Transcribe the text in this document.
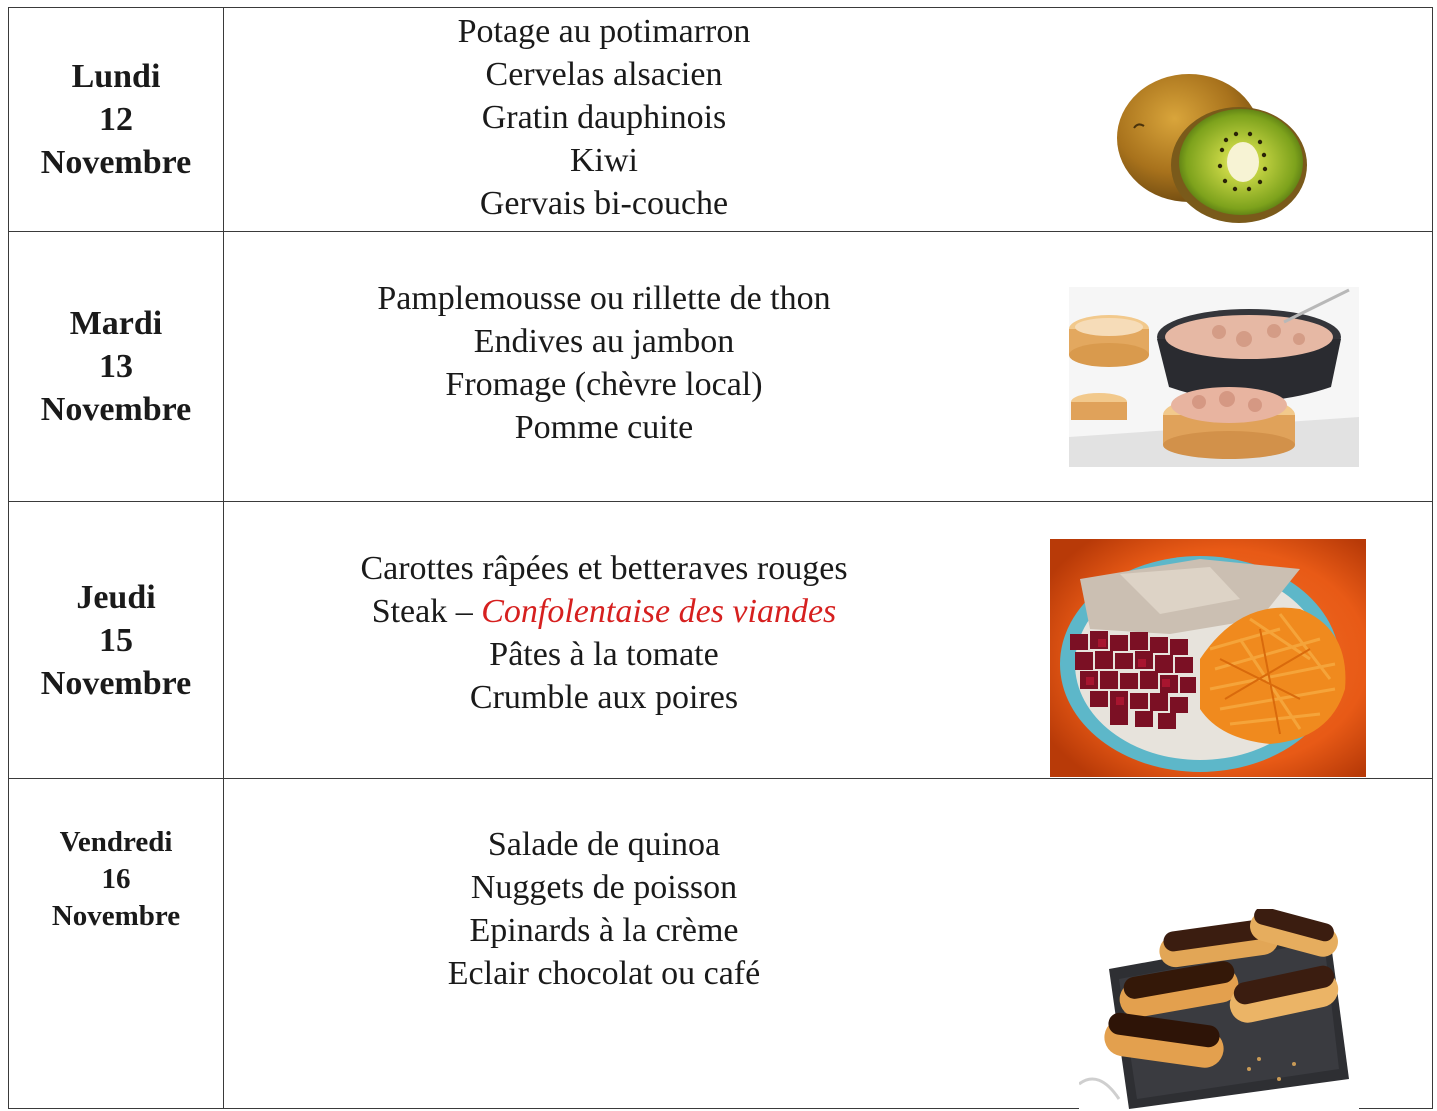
Lundi
12
Novembre	Potage au potimarron
Cervelas alsacien
Gratin dauphinois
Kiwi
Gervais bi-couche

Mardi
13
Novembre	Pamplemousse ou rillette de thon
Endives au jambon
Fromage (chèvre local)
Pomme cuite

Jeudi
15
Novembre	Carottes râpées et betteraves rouges
Steak – Confolentaise des viandes
Pâtes à la tomate
Crumble aux poires

Vendredi
16
Novembre	Salade de quinoa
Nuggets de poisson
Epinards à la crème
Eclair chocolat ou café
